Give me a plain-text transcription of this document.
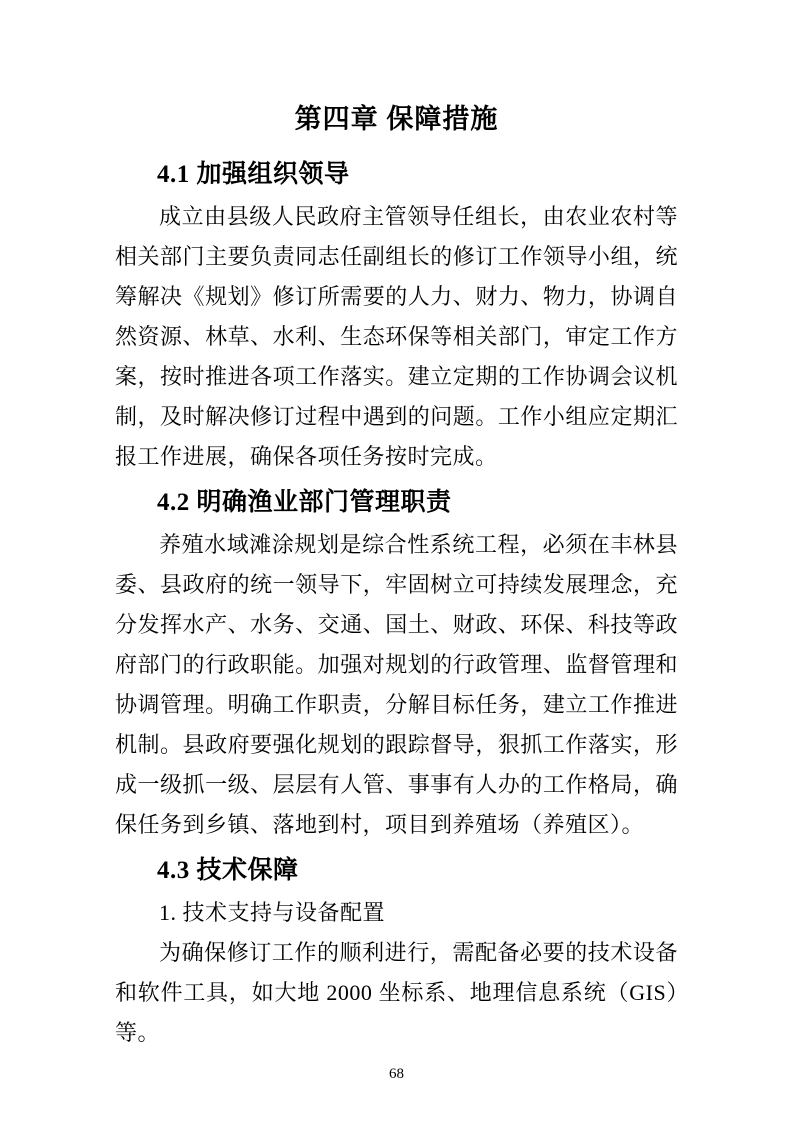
第四章 保障措施
4.1 加强组织领导

成立由县级人民政府主管领导任组长，由农业农村等相关部门主要负责同志任副组长的修订工作领导小组，统筹解决《规划》修订所需要的人力、财力、物力，协调自然资源、林草、水利、生态环保等相关部门，审定工作方案，按时推进各项工作落实。建立定期的工作协调会议机制，及时解决修订过程中遇到的问题。工作小组应定期汇报工作进展，确保各项任务按时完成。

4.2 明确渔业部门管理职责

养殖水域滩涂规划是综合性系统工程，必须在丰林县委、县政府的统一领导下，牢固树立可持续发展理念，充分发挥水产、水务、交通、国土、财政、环保、科技等政府部门的行政职能。加强对规划的行政管理、监督管理和协调管理。明确工作职责，分解目标任务，建立工作推进机制。县政府要强化规划的跟踪督导，狠抓工作落实，形成一级抓一级、层层有人管、事事有人办的工作格局，确保任务到乡镇、落地到村，项目到养殖场（养殖区）。

4.3 技术保障

1. 技术支持与设备配置

为确保修订工作的顺利进行，需配备必要的技术设备和软件工具，如大地 2000 坐标系、地理信息系统（GIS）等。

68
